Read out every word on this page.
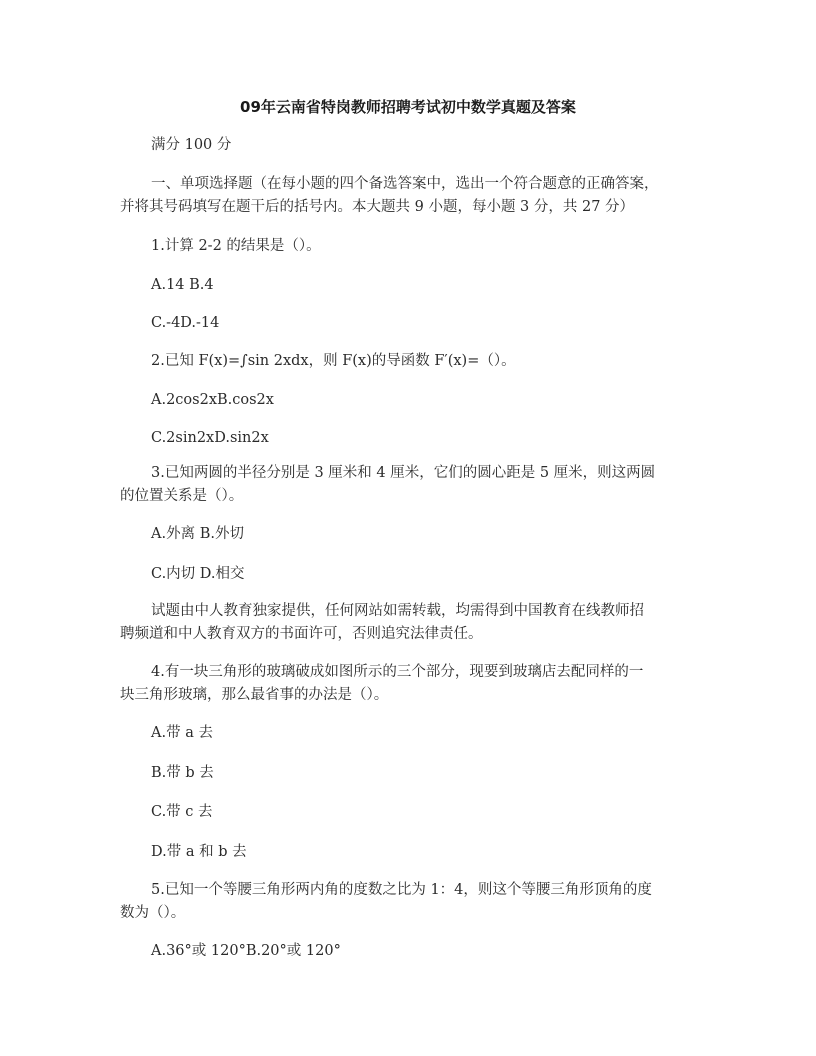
09年云南省特岗教师招聘考试初中数学真题及答案
满分 100 分
一、单项选择题（在每小题的四个备选答案中，选出一个符合题意的正确答案，
并将其号码填写在题干后的括号内。本大题共 9 小题，每小题 3 分，共 27 分）
1.计算 2-2 的结果是（）。
A.14 B.4
C.-4D.-14
2.已知 F(x)=∫sin 2xdx，则 F(x)的导函数 F′(x)=（）。
A.2cos2xB.cos2x
C.2sin2xD.sin2x
3.已知两圆的半径分别是 3 厘米和 4 厘米，它们的圆心距是 5 厘米，则这两圆
的位置关系是（）。
A.外离 B.外切
C.内切 D.相交
试题由中人教育独家提供，任何网站如需转载，均需得到中国教育在线教师招
聘频道和中人教育双方的书面许可，否则追究法律责任。
4.有一块三角形的玻璃破成如图所示的三个部分，现要到玻璃店去配同样的一
块三角形玻璃，那么最省事的办法是（）。
A.带 a 去
B.带 b 去
C.带 c 去
D.带 a 和 b 去
5.已知一个等腰三角形两内角的度数之比为 1：4，则这个等腰三角形顶角的度
数为（）。
A.36°或 120°B.20°或 120°
